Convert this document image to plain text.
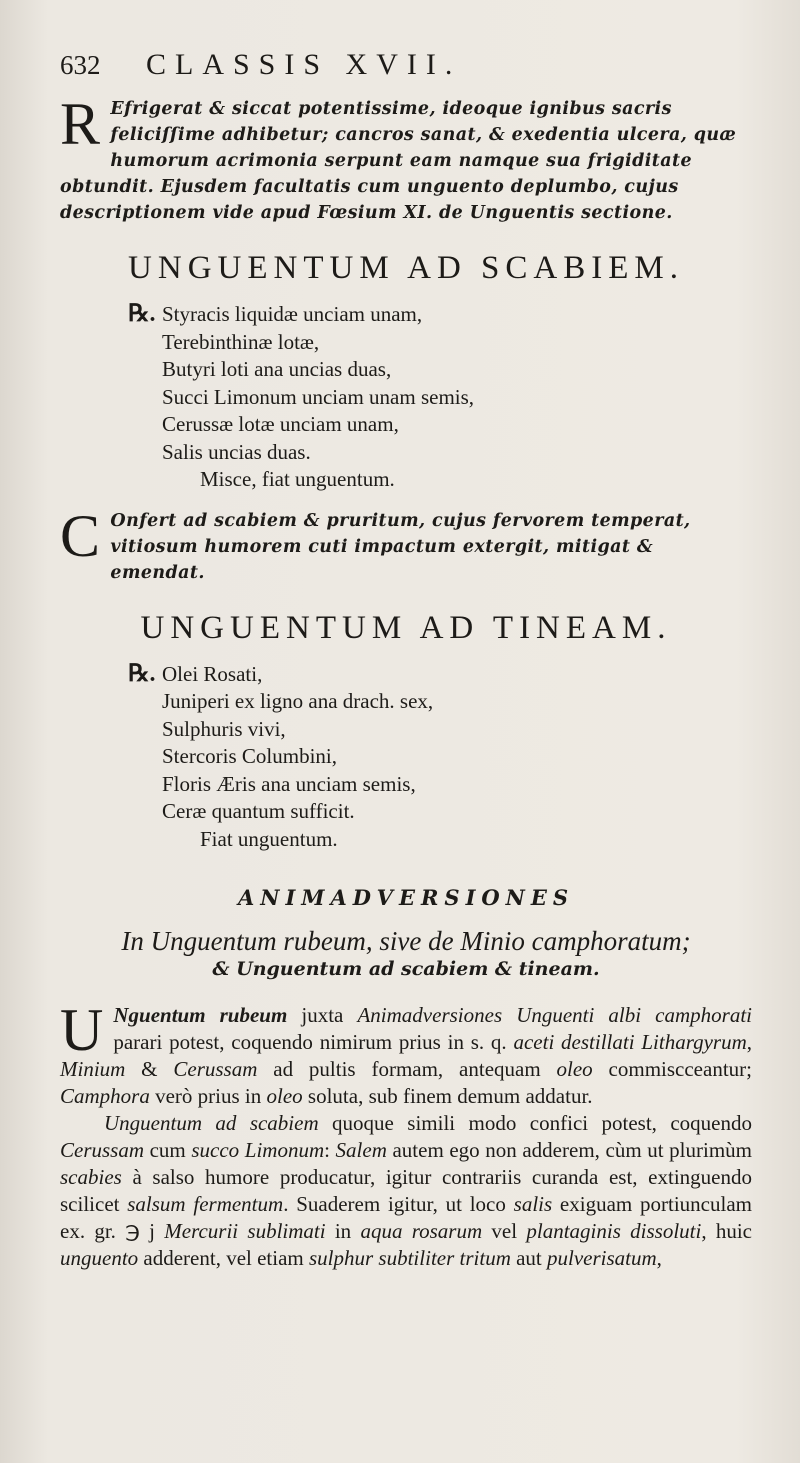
632	CLASSIS XVII.

R Efrigerat & siccat potentissime, ideoque ignibus sacris feliciſſime adhibetur; cancros sanat, & exedentia ulcera, quæ humorum acrimonia serpunt eam namque sua frigiditate obtundit. Ejusdem facultatis cum unguento deplumbo, cujus descriptionem vide apud Fœsium XI. de Unguentis sectione.

UNGUENTUM AD SCABIEM.
℞. Styracis liquidæ unciam unam,
Terebinthinæ lotæ,
Butyri loti ana uncias duas,
Succi Limonum unciam unam semis,
Cerussæ lotæ unciam unam,
Salis uncias duas.
Misce, fiat unguentum.

C Onfert ad scabiem & pruritum, cujus fervorem temperat, vitiosum humorem cuti impactum extergit, mitigat & emendat.

UNGUENTUM AD TINEAM.
℞. Olei Rosati,
Juniperi ex ligno ana drach. sex,
Sulphuris vivi,
Stercoris Columbini,
Floris Æris ana unciam semis,
Ceræ quantum sufficit.
Fiat unguentum.
ANIMADVERSIONES
In Unguentum rubeum, sive de Minio camphoratum;
& Unguentum ad scabiem & tineam.

U Nguentum rubeum juxta Animadversiones Unguenti albi camphorati parari potest, coquendo nimirum prius in s. q. aceti destillati Lithargyrum, Minium & Cerussam ad pultis formam, antequam oleo commiscceantur; Camphora verò prius in oleo soluta, sub finem demum addatur.

Unguentum ad scabiem quoque simili modo confici potest, coquendo Cerussam cum succo Limonum: Salem autem ego non adderem, cùm ut plurimùm scabies à salso humore producatur, igitur contrariis curanda est, extinguendo scilicet salsum fermentum. Suaderem igitur, ut loco salis exiguam portiunculam ex. gr. ℈ j Mercurii sublimati in aqua rosarum vel plantaginis dissoluti, huic unguento adderent, vel etiam sulphur subtiliter tritum aut pulverisatum,
